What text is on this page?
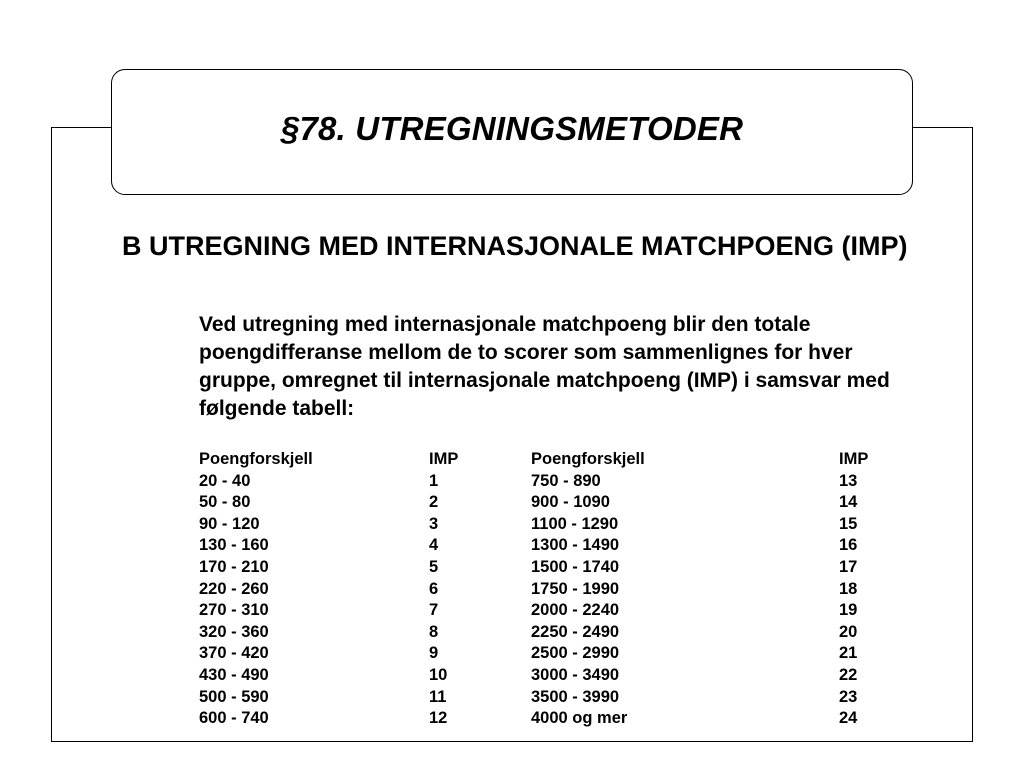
§78. UTREGNINGSMETODER
B UTREGNING MED INTERNASJONALE MATCHPOENG (IMP)
Ved utregning med internasjonale matchpoeng blir den totale poengdifferanse mellom de to scorer som sammenlignes for hver gruppe, omregnet til internasjonale matchpoeng (IMP) i samsvar med følgende tabell:
Poengforskjell	IMP	Poengforskjell	IMP
20 - 40	1	750 - 890	13
50 - 80	2	900 - 1090	14
90 - 120	3	1100 - 1290	15
130 - 160	4	1300 - 1490	16
170 - 210	5	1500 - 1740	17
220 - 260	6	1750 - 1990	18
270 - 310	7	2000 - 2240	19
320 - 360	8	2250 - 2490	20
370 - 420	9	2500 - 2990	21
430 - 490	10	3000 - 3490	22
500 - 590	11	3500 - 3990	23
600 - 740	12	4000 og mer	24
